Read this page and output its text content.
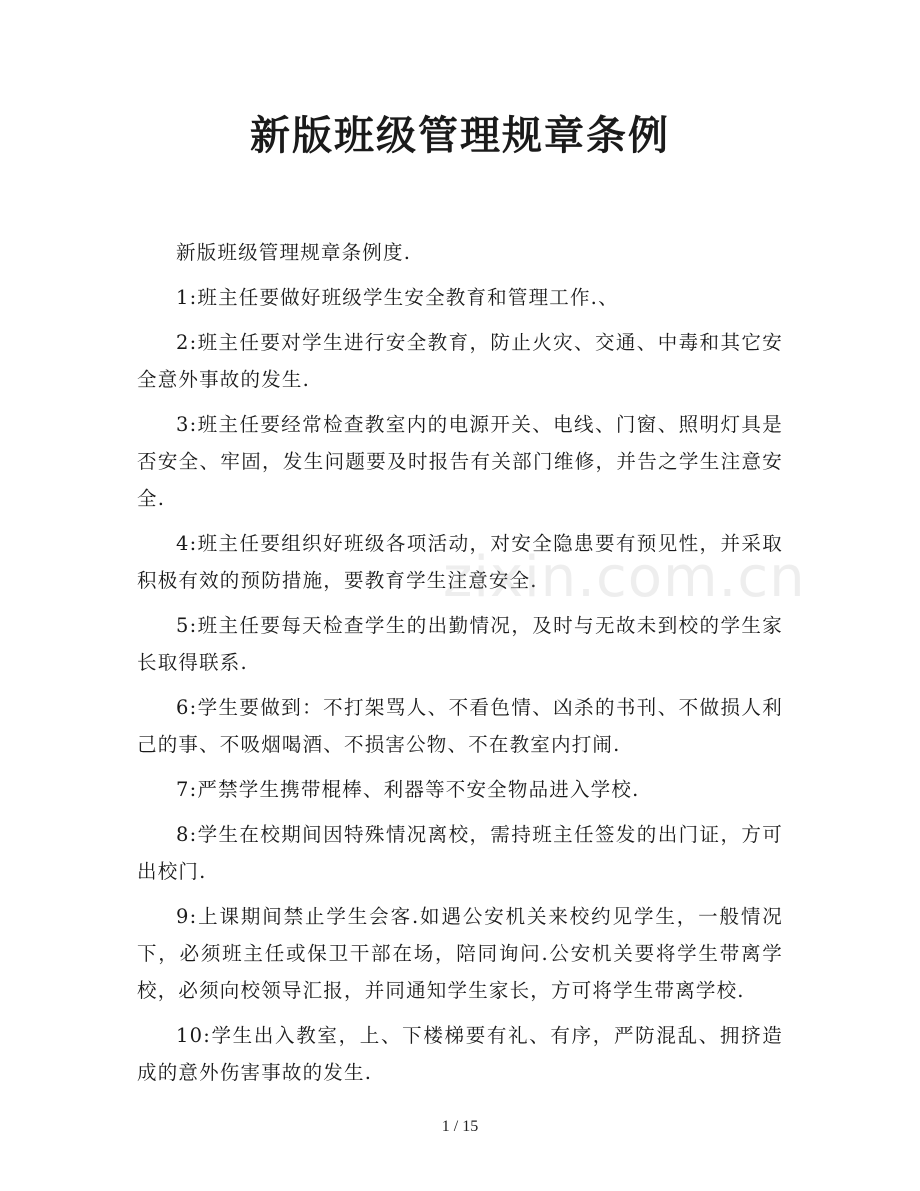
新版班级管理规章条例

新版班级管理规章条例度.

1:班主任要做好班级学生安全教育和管理工作.、

2:班主任要对学生进行安全教育，防止火灾、交通、中毒和其它安全意外事故的发生.

3:班主任要经常检查教室内的电源开关、电线、门窗、照明灯具是否安全、牢固，发生问题要及时报告有关部门维修，并告之学生注意安全.

4:班主任要组织好班级各项活动，对安全隐患要有预见性，并采取积极有效的预防措施，要教育学生注意安全.

5:班主任要每天检查学生的出勤情况，及时与无故未到校的学生家长取得联系.

6:学生要做到：不打架骂人、不看色情、凶杀的书刊、不做损人利己的事、不吸烟喝酒、不损害公物、不在教室内打闹.

7:严禁学生携带棍棒、利器等不安全物品进入学校.

8:学生在校期间因特殊情况离校，需持班主任签发的出门证，方可出校门.

9:上课期间禁止学生会客.如遇公安机关来校约见学生，一般情况下，必须班主任或保卫干部在场，陪同询问.公安机关要将学生带离学校，必须向校领导汇报，并同通知学生家长，方可将学生带离学校.

10:学生出入教室，上、下楼梯要有礼、有序，严防混乱、拥挤造成的意外伤害事故的发生.

zixin.com.cn
1 / 15
